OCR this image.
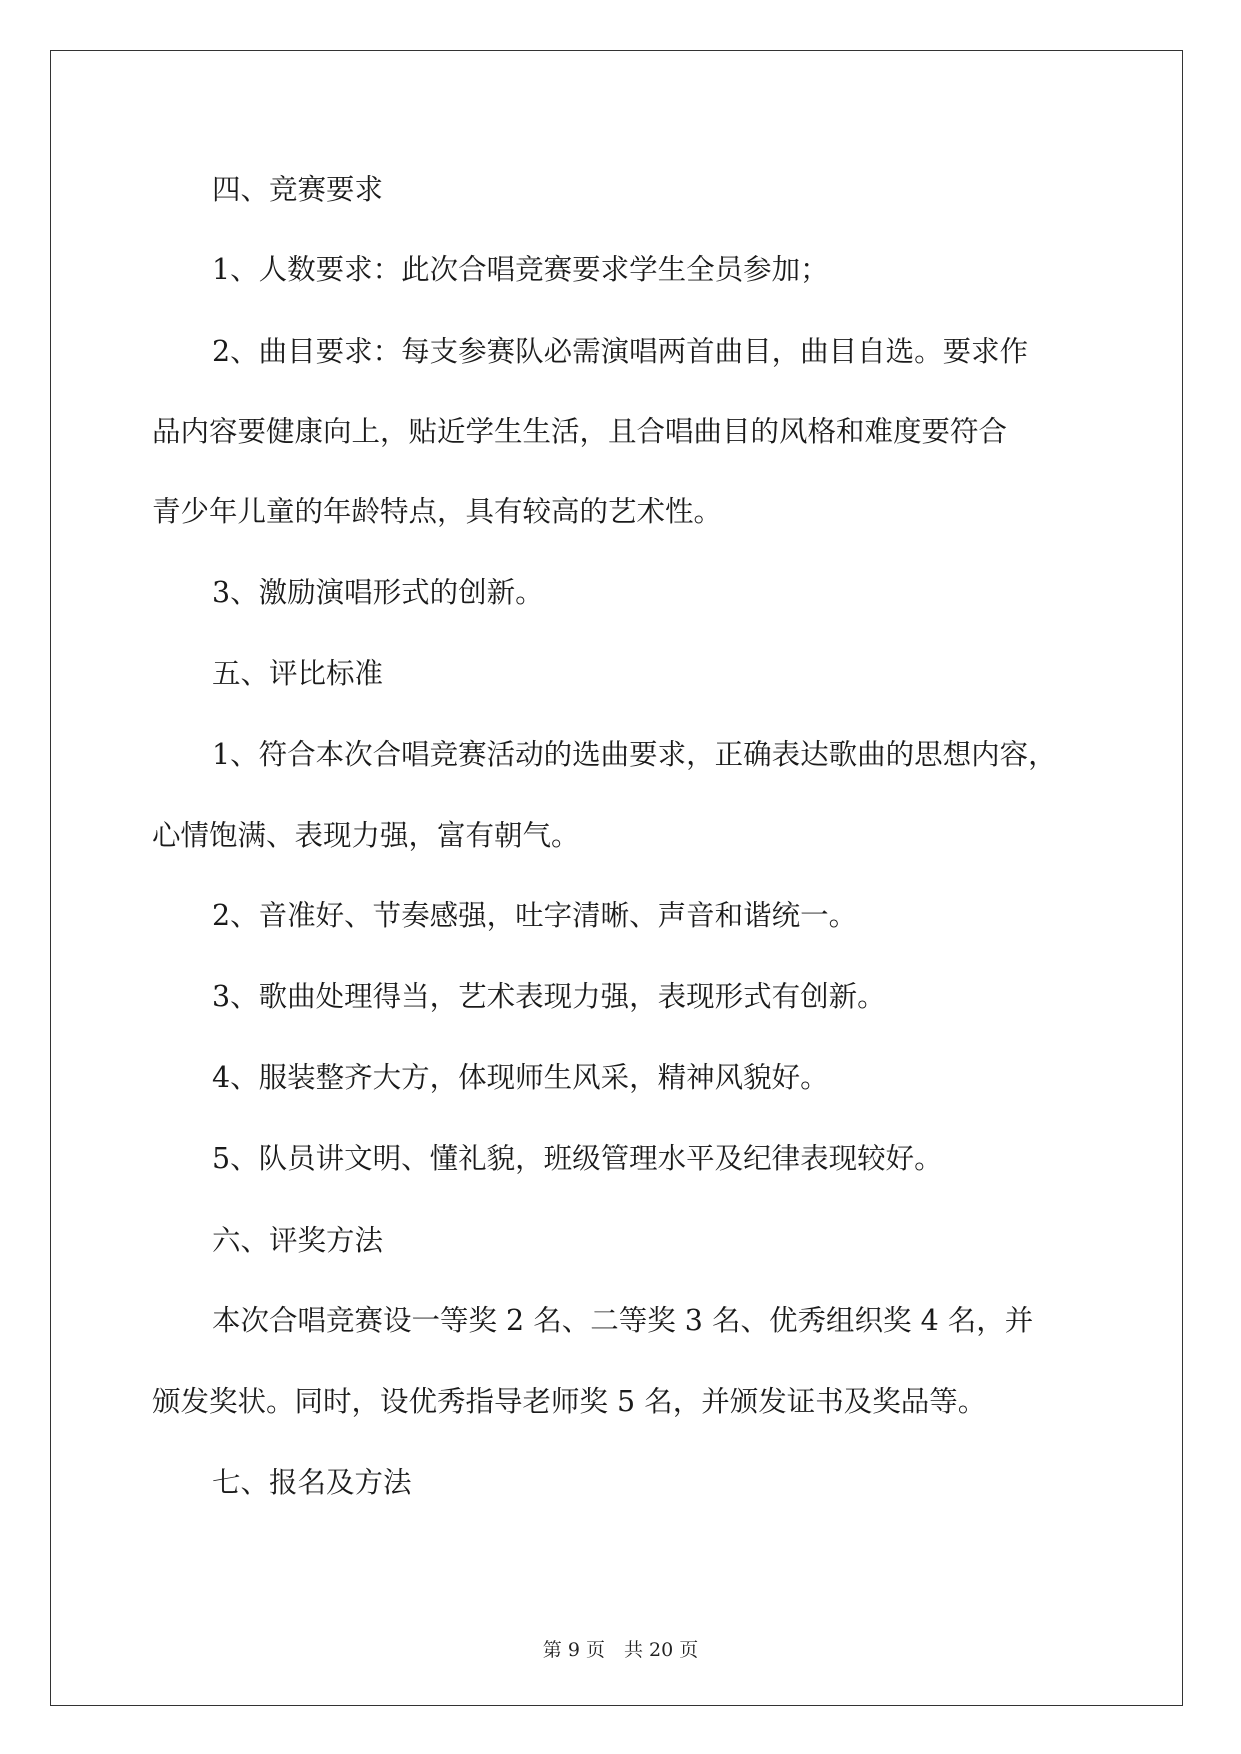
四、竞赛要求

1、人数要求：此次合唱竞赛要求学生全员参加；

2、曲目要求：每支参赛队必需演唱两首曲目，曲目自选。要求作

品内容要健康向上，贴近学生生活，且合唱曲目的风格和难度要符合

青少年儿童的年龄特点，具有较高的艺术性。

3、激励演唱形式的创新。

五、评比标准

1、符合本次合唱竞赛活动的选曲要求，正确表达歌曲的思想内容，

心情饱满、表现力强，富有朝气。

2、音准好、节奏感强，吐字清晰、声音和谐统一。

3、歌曲处理得当，艺术表现力强，表现形式有创新。

4、服装整齐大方，体现师生风采，精神风貌好。

5、队员讲文明、懂礼貌，班级管理水平及纪律表现较好。

六、评奖方法

本次合唱竞赛设一等奖 2 名、二等奖 3 名、优秀组织奖 4 名，并

颁发奖状。同时，设优秀指导老师奖 5 名，并颁发证书及奖品等。

七、报名及方法

第 9 页　共 20 页
